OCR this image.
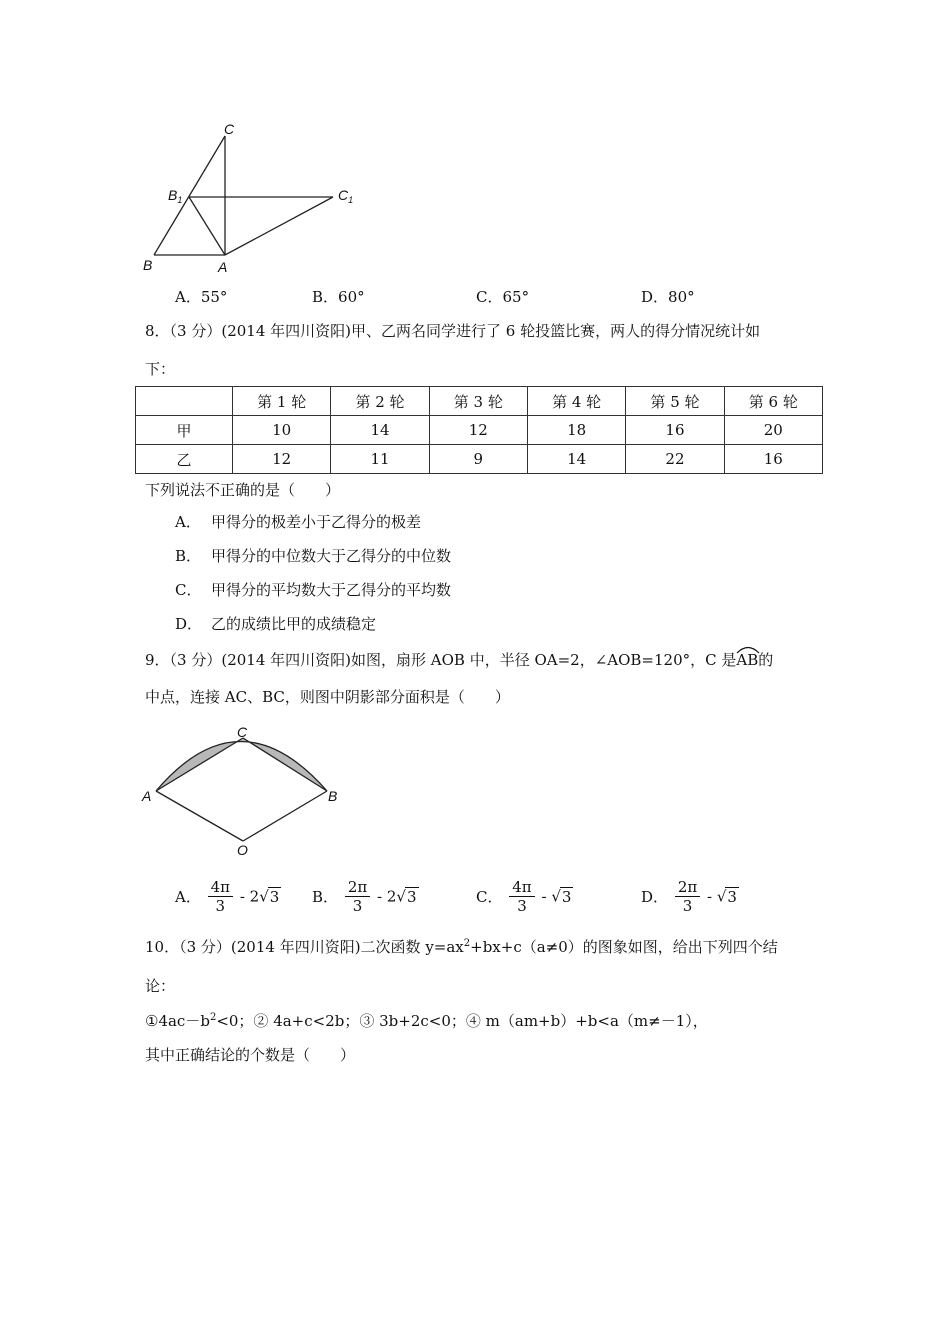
C
$B_1$	$C_1$
B	A
A．55°	B．60°	C．65°	D．80°
8．（3 分）(2014 年四川资阳)甲、乙两名同学进行了 6 轮投篮比赛，两人的得分情况统计如
下：
	第 1 轮	第 2 轮	第 3 轮	第 4 轮	第 5 轮	第 6 轮
甲	10	14	12	18	16	20
乙	12	11	9	14	22	16
下列说法不正确的是（　　）
A． 甲得分的极差小于乙得分的极差
B． 甲得分的中位数大于乙得分的中位数
C． 甲得分的平均数大于乙得分的平均数
D． 乙的成绩比甲的成绩稳定
9．（3 分）(2014 年四川资阳)如图，扇形 AOB 中，半径 OA=2，∠AOB=120°，C 是
AB的
中点，连接 AC、BC，则图中阴影部分面积是（　　）
C
A	B
O
A． $\frac{4\pi}{3} - 2√3$ B． $\frac{2\pi}{3} - 2√3$	C． $\frac{4\pi}{3} - √3$	D． $\frac{2\pi}{3} - √3$
10．（3 分）(2014 年四川资阳)二次函数 $y=ax^2+bx+c(a\ne 0)$的图象如图，给出下列四个结
论：
$①4ac-b^2<0$；② 4a+c<2b；③ 3b+2c<0；④ m（am+b）+b<a（m≠－1），
其中正确结论的个数是（　　）
